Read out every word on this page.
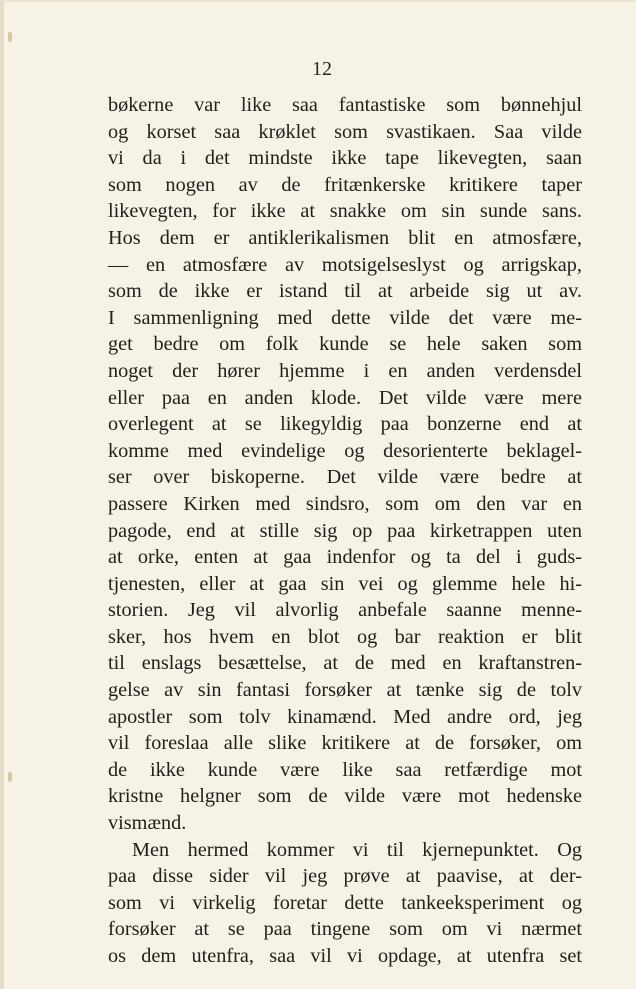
12
bøkerne var like saa fantastiske som bønnehjul
og korset saa krøklet som svastikaen. Saa vilde
vi da i det mindste ikke tape likevegten, saan
som nogen av de fritænkerske kritikere taper
likevegten, for ikke at snakke om sin sunde sans.
Hos dem er antiklerikalismen blit en atmosfære,
— en atmosfære av motsigelseslyst og arrigskap,
som de ikke er istand til at arbeide sig ut av.
I sammenligning med dette vilde det være me-
get bedre om folk kunde se hele saken som
noget der hører hjemme i en anden verdensdel
eller paa en anden klode. Det vilde være mere
overlegent at se likegyldig paa bonzerne end at
komme med evindelige og desorienterte beklagel-
ser over biskoperne. Det vilde være bedre at
passere Kirken med sindsro, som om den var en
pagode, end at stille sig op paa kirketrappen uten
at orke, enten at gaa indenfor og ta del i guds-
tjenesten, eller at gaa sin vei og glemme hele hi-
storien. Jeg vil alvorlig anbefale saanne menne-
sker, hos hvem en blot og bar reaktion er blit
til enslags besættelse, at de med en kraftanstren-
gelse av sin fantasi forsøker at tænke sig de tolv
apostler som tolv kinamænd. Med andre ord, jeg
vil foreslaa alle slike kritikere at de forsøker, om
de ikke kunde være like saa retfærdige mot
kristne helgner som de vilde være mot hedenske
vismænd.
Men hermed kommer vi til kjernepunktet. Og
paa disse sider vil jeg prøve at paavise, at der-
som vi virkelig foretar dette tankeeksperiment og
forsøker at se paa tingene som om vi nærmet
os dem utenfra, saa vil vi opdage, at utenfra set
